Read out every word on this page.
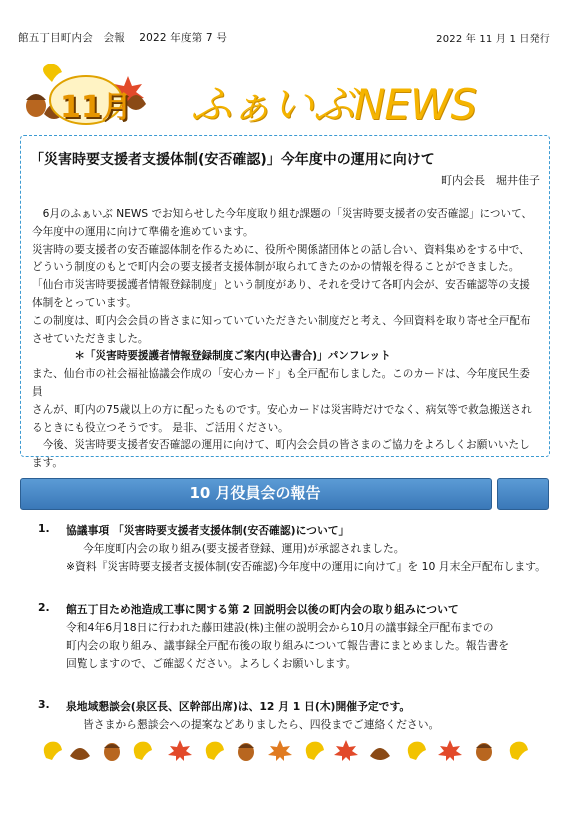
館五丁目町内会　会報　 2022 年度第 7 号	2022 年 11 月 1 日発行
11月 ふぁいぶNEWS
「災害時要支援者支援体制(安否確認)」今年度中の運用に向けて
町内会長　堀井佳子

　6月のふぁいぶ NEWS でお知らせした今年度取り組む課題の「災害時要支援者の安否確認」について、

今年度中の運用に向けて準備を進めています。

災害時の要支援者の安否確認体制を作るために、役所や関係諸団体との話し合い、資料集めをする中で、

どういう制度のもとで町内会の要支援者支援体制が取られてきたのかの情報を得ることができました。

「仙台市災害時要援護者情報登録制度」という制度があり、それを受けて各町内会が、安否確認等の支援

体制をとっています。

この制度は、町内会会員の皆さまに知っていていただきたい制度だと考え、今回資料を取り寄せ全戸配布

させていただきました。

　　　　＊「災害時要援護者情報登録制度ご案内(申込書合)」パンフレット

また、仙台市の社会福祉協議会作成の「安心カード」も全戸配布しました。このカードは、今年度民生委員

さんが、町内の75歳以上の方に配ったものです。安心カードは災害時だけでなく、病気等で救急搬送され

るときにも役立つそうです。 是非、ご活用ください。

　今後、災害時要支援者安否確認の運用に向けて、町内会会員の皆さまのご協力をよろしくお願いいたし

ます。

10 月役員会の報告
1. 協議事項 「災害時要支援者支援体制(安否確認)について」
今年度町内会の取り組み(要支援者登録、運用)が承認されました。
※資料『災害時要支援者支援体制(安否確認)今年度中の運用に向けて』を 10 月末全戸配布します。
2. 館五丁目ため池造成工事に関する第 2 回説明会以後の町内会の取り組みについて
令和4年6月18日に行われた藤田建設(株)主催の説明会から10月の議事録全戸配布までの
町内会の取り組み、議事録全戸配布後の取り組みについて報告書にまとめました。報告書を
回覧しますので、ご確認ください。よろしくお願いします。
3. 泉地域懇談会(泉区長、区幹部出席)は、12 月 1 日(木)開催予定です。
皆さまから懇談会への提案などありましたら、四役までご連絡ください。
